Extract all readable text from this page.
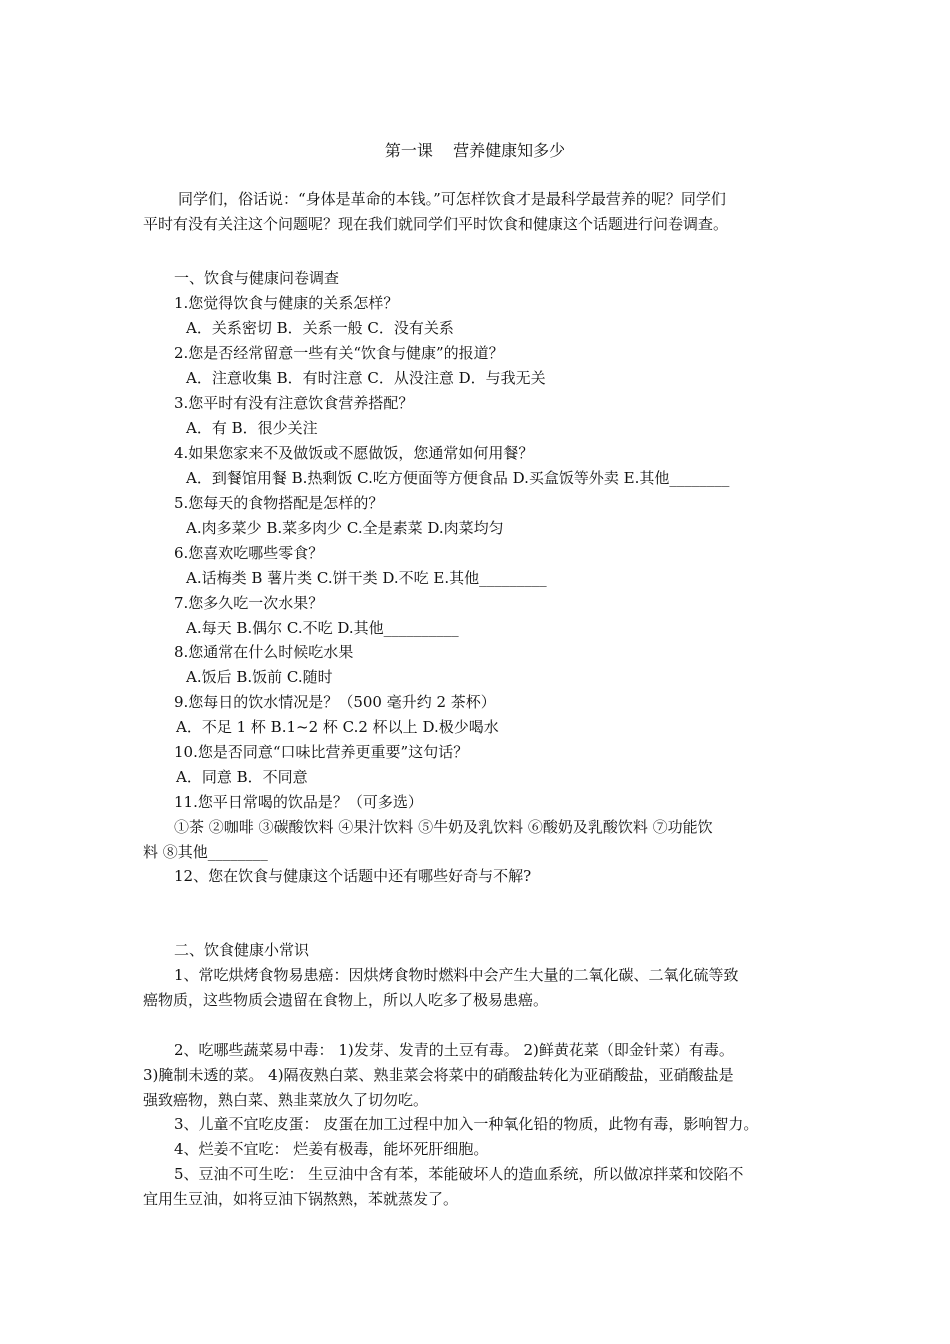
第一课    营养健康知多少
同学们，俗话说：“身体是革命的本钱。”可怎样饮食才是最科学最营养的呢？同学们
平时有没有关注这个问题呢？现在我们就同学们平时饮食和健康这个话题进行问卷调查。
一、饮食与健康问卷调查
1.您觉得饮食与健康的关系怎样？
A．关系密切 B．关系一般 C．没有关系
2.您是否经常留意一些有关“饮食与健康”的报道？
A．注意收集 B．有时注意 C．从没注意 D．与我无关
3.您平时有没有注意饮食营养搭配？
A．有 B．很少关注
4.如果您家来不及做饭或不愿做饭，您通常如何用餐？
A．到餐馆用餐 B.热剩饭 C.吃方便面等方便食品 D.买盒饭等外卖 E.其他________
5.您每天的食物搭配是怎样的？
A.肉多菜少 B.菜多肉少 C.全是素菜 D.肉菜均匀
6.您喜欢吃哪些零食？
A.话梅类 B 薯片类 C.饼干类 D.不吃 E.其他_________
7.您多久吃一次水果？
A.每天 B.偶尔 C.不吃 D.其他__________
8.您通常在什么时候吃水果
A.饭后 B.饭前 C.随时
9.您每日的饮水情况是？（500 毫升约 2 茶杯）
A．不足 1 杯 B.1~2 杯 C.2 杯以上 D.极少喝水
10.您是否同意“口味比营养更重要”这句话？
A．同意 B．不同意
11.您平日常喝的饮品是？（可多选）
①茶 ②咖啡 ③碳酸饮料 ④果汁饮料 ⑤牛奶及乳饮料 ⑥酸奶及乳酸饮料 ⑦功能饮
料 ⑧其他________
12、您在饮食与健康这个话题中还有哪些好奇与不解?
二、饮食健康小常识
1、常吃烘烤食物易患癌：因烘烤食物时燃料中会产生大量的二氧化碳、二氧化硫等致
癌物质，这些物质会遗留在食物上，所以人吃多了极易患癌。
2、吃哪些蔬菜易中毒： 1)发芽、发青的土豆有毒。 2)鲜黄花菜（即金针菜）有毒。
3)腌制未透的菜。 4)隔夜熟白菜、熟韭菜会将菜中的硝酸盐转化为亚硝酸盐，亚硝酸盐是
强致癌物，熟白菜、熟韭菜放久了切勿吃。
3、儿童不宜吃皮蛋： 皮蛋在加工过程中加入一种氧化铅的物质，此物有毒，影响智力。
4、烂姜不宜吃： 烂姜有极毒，能坏死肝细胞。
5、豆油不可生吃： 生豆油中含有苯，苯能破坏人的造血系统，所以做凉拌菜和饺陷不
宜用生豆油，如将豆油下锅熬熟，苯就蒸发了。
